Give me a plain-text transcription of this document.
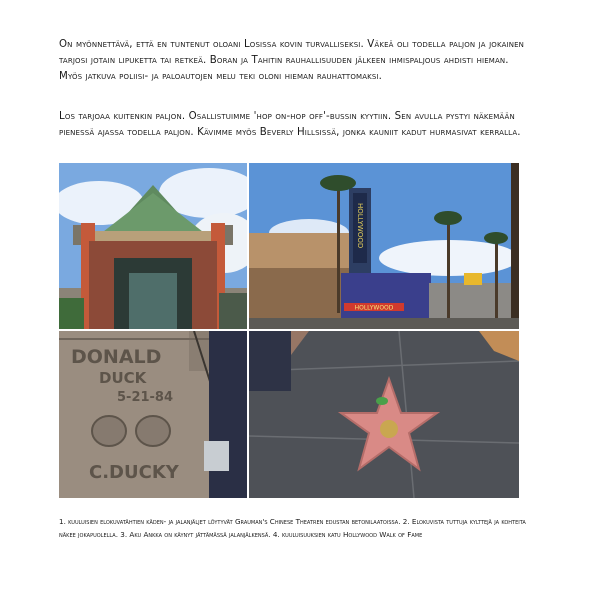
On myönnettävä, että en tuntenut oloani Losissa kovin turvalliseksi. Väkeä oli todella paljon ja jokainen tarjosi jotain lipuketta tai retkeä. Boran ja Tahitin rauhallisuuden jälkeen ihmispaljous ahdisti hieman. Myös jatkuva poliisi- ja paloautojen melu teki oloni hieman rauhattomaksi.

Los tarjoaa kuitenkin paljon. Osallistuimme 'hop on-hop off'-bussin kyytiin. Sen avulla pystyi näkemään pienessä ajassa todella paljon. Kävimme myös Beverly Hillsissä, jonka kauniit kadut hurmasivat kerralla.

HOLLYWOOD
HOLLYWOOD
DONALD
DUCK
5-21-84
C.DUCKY

1. kuuluisien elokuvatähtien käden- ja jalanjäljet löytyvät Grauman's Chinese Theatren edustan betonilaatoissa. 2. Elokuvista tuttuja kylttejä ja kohteita näkee jokapuolella. 3. Aku Ankka on käynyt jättämässä jalanjälkensä. 4. kuuluisuuksien katu Hollywood Walk of Fame
